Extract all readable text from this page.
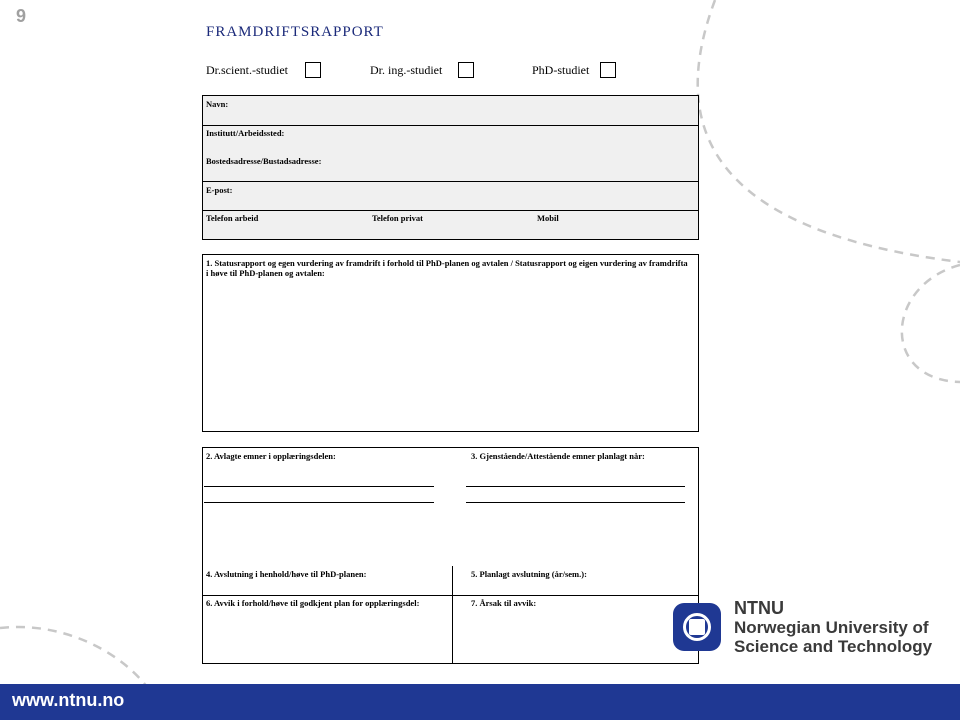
9
FRAMDRIFTSRAPPORT
Dr.scient.-studiet	Dr. ing.-studiet	PhD-studiet
Navn:
Institutt/Arbeidssted:
Bostedsadresse/Bustadsadresse:
E-post:
Telefon arbeid	Telefon privat	Mobil
1. Statusrapport og egen vurdering av framdrift i forhold til PhD-planen og avtalen / Statusrapport og eigen vurdering av framdrifta i høve til PhD-planen og avtalen:
2. Avlagte emner i opplæringsdelen:	3. Gjenstående/Attestående emner planlagt når:
4. Avslutning i henhold/høve til PhD-planen:	5. Planlagt avslutning (år/sem.):
6. Avvik i forhold/høve til godkjent plan for opplæringsdel:	7. Årsak til avvik:	NTNU
Norwegian University of
Science and Technology
www.ntnu.no
